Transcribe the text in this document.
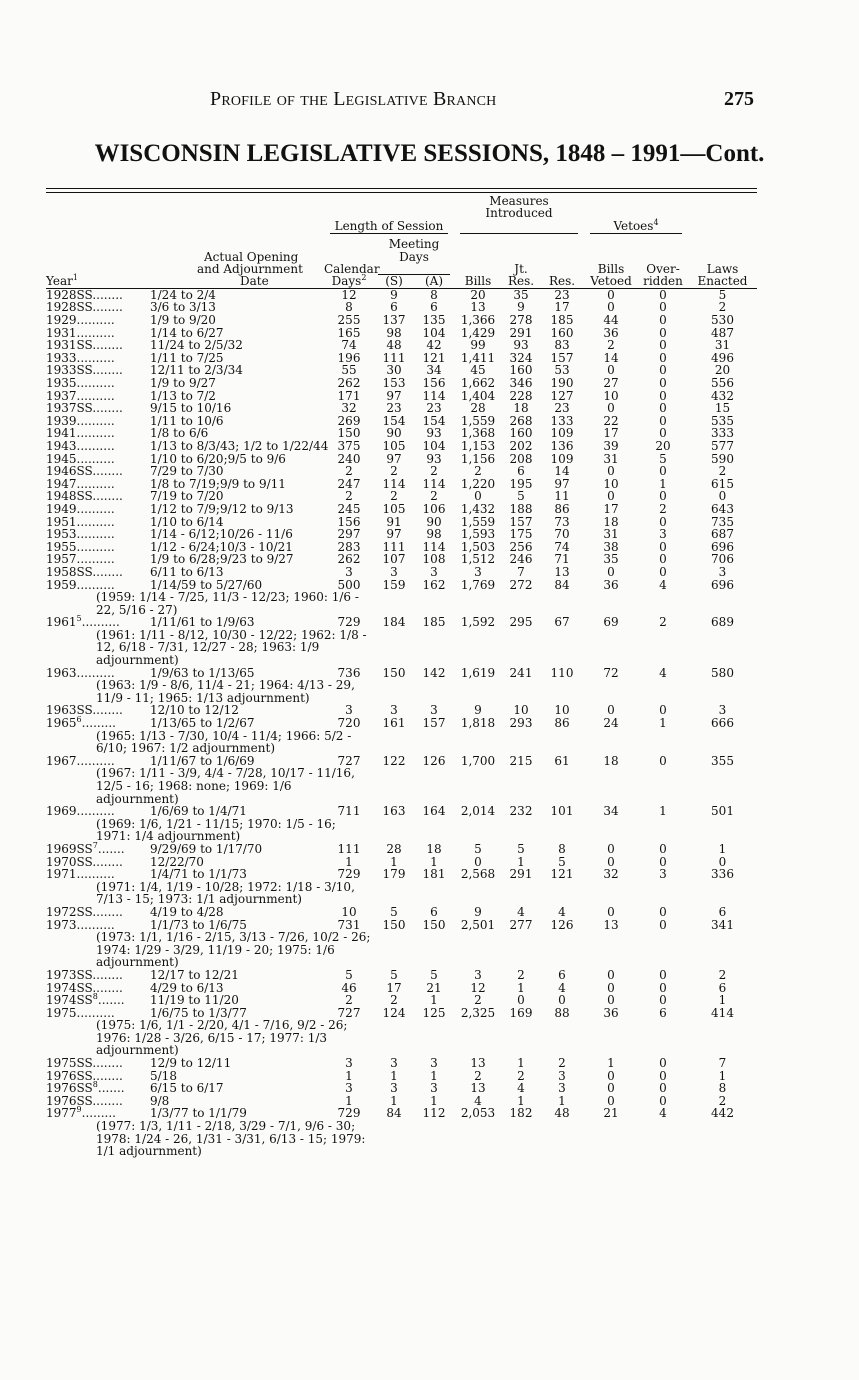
Profile of the Legislative Branch	275
WISCONSIN LEGISLATIVE SESSIONS, 1848 – 1991—Cont.
					Measures Introduced					

		Length of Session						Vetoes$^4$

	Actual Opening		Meeting Days							
	and Adjournment	Calendar				Jt.		Bills	Over-	Laws
Year$^1$	Date	Days$^2$	(S)	(A)	Bills	Res.	Res.	Vetoed	ridden	Enacted
1928SS........	1/24 to 2/4	12	9	8	20	35	23	0	0	5
1928SS........	3/6 to 3/13	8	6	6	13	9	17	0	0	2
1929..........	1/9 to 9/20	255	137	135	1,366	278	185	44	0	530
1931..........	1/14 to 6/27	165	98	104	1,429	291	160	36	0	487
1931SS........	11/24 to 2/5/32	74	48	42	99	93	83	2	0	31
1933..........	1/11 to 7/25	196	111	121	1,411	324	157	14	0	496
1933SS........	12/11 to 2/3/34	55	30	34	45	160	53	0	0	20
1935..........	1/9 to 9/27	262	153	156	1,662	346	190	27	0	556
1937..........	1/13 to 7/2	171	97	114	1,404	228	127	10	0	432
1937SS........	9/15 to 10/16	32	23	23	28	18	23	0	0	15
1939..........	1/11 to 10/6	269	154	154	1,559	268	133	22	0	535
1941..........	1/8 to 6/6	150	90	93	1,368	160	109	17	0	333
1943..........	1/13 to 8/3/43; 1/2 to 1/22/44	375	105	104	1,153	202	136	39	20	577
1945..........	1/10 to 6/20;9/5 to 9/6	240	97	93	1,156	208	109	31	5	590
1946SS........	7/29 to 7/30	2	2	2	2	6	14	0	0	2
1947..........	1/8 to 7/19;9/9 to 9/11	247	114	114	1,220	195	97	10	1	615
1948SS........	7/19 to 7/20	2	2	2	0	5	11	0	0	0
1949..........	1/12 to 7/9;9/12 to 9/13	245	105	106	1,432	188	86	17	2	643
1951..........	1/10 to 6/14	156	91	90	1,559	157	73	18	0	735
1953..........	1/14 - 6/12;10/26 - 11/6	297	97	98	1,593	175	70	31	3	687
1955..........	1/12 - 6/24;10/3 - 10/21	283	111	114	1,503	256	74	38	0	696
1957..........	1/9 to 6/28;9/23 to 9/27	262	107	108	1,512	246	71	35	0	706
1958SS........	6/11 to 6/13	3	3	3	3	7	13	0	0	3
1959..........	1/14/59 to 5/27/60	500	159	162	1,769	272	84	36	4	696
(1959: 1/14 - 7/25, 11/3 - 12/23; 1960: 1/6 - 22, 5/16 - 27)										
1961$^5$..........	1/11/61 to 1/9/63	729	184	185	1,592	295	67	69	2	689
(1961: 1/11 - 8/12, 10/30 - 12/22; 1962: 1/8 - 12, 6/18 - 7/31, 12/27 - 28; 1963: 1/9 adjournment)										
1963..........	1/9/63 to 1/13/65	736	150	142	1,619	241	110	72	4	580
(1963: 1/9 - 8/6, 11/4 - 21; 1964: 4/13 - 29, 11/9 - 11; 1965: 1/13 adjournment)										
1963SS........	12/10 to 12/12	3	3	3	9	10	10	0	0	3
1965$^6$.........	1/13/65 to 1/2/67	720	161	157	1,818	293	86	24	1	666
(1965: 1/13 - 7/30, 10/4 - 11/4; 1966: 5/2 - 6/10; 1967: 1/2 adjournment)										
1967..........	1/11/67 to 1/6/69	727	122	126	1,700	215	61	18	0	355
(1967: 1/11 - 3/9, 4/4 - 7/28, 10/17 - 11/16, 12/5 - 16; 1968: none; 1969: 1/6 adjournment)										
1969..........	1/6/69 to 1/4/71	711	163	164	2,014	232	101	34	1	501
(1969: 1/6, 1/21 - 11/15; 1970: 1/5 - 16; 1971: 1/4 adjournment)										
$1969SS^7$.......	9/29/69 to 1/17/70	111	28	18	5	5	8	0	0	1
1970SS........	12/22/70	1	1	1	0	1	5	0	0	0
1971..........	1/4/71 to 1/1/73	729	179	181	2,568	291	121	32	3	336
(1971: 1/4, 1/19 - 10/28; 1972: 1/18 - 3/10, 7/13 - 15; 1973: 1/1 adjournment)										
1972SS........	4/19 to 4/28	10	5	6	9	4	4	0	0	6
1973..........	1/1/73 to 1/6/75	731	150	150	2,501	277	126	13	0	341
(1973: 1/1, 1/16 - 2/15, 3/13 - 7/26, 10/2 - 26; 1974: 1/29 - 3/29, 11/19 - 20; 1975: 1/6 adjournment)										
1973SS........	12/17 to 12/21	5	5	5	3	2	6	0	0	2
1974SS........	4/29 to 6/13	46	17	21	12	1	4	0	0	6
$1974SS^8$.......	11/19 to 11/20	2	2	1	2	0	0	0	0	1
1975..........	1/6/75 to 1/3/77	727	124	125	2,325	169	88	36	6	414
(1975: 1/6, 1/1 - 2/20, 4/1 - 7/16, 9/2 - 26; 1976: 1/28 - 3/26, 6/15 - 17; 1977: 1/3 adjournment)										
1975SS........	12/9 to 12/11	3	3	3	13	1	2	1	0	7
1976SS........	5/18	1	1	1	2	2	3	0	0	1
$1976SS^8$.......	6/15 to 6/17	3	3	3	13	4	3	0	0	8
1976SS........	9/8	1	1	1	4	1	1	0	0	2
1977$^9$.........	1/3/77 to 1/1/79	729	84	112	2,053	182	48	21	4	442
(1977: 1/3, 1/11 - 2/18, 3/29 - 7/1, 9/6 - 30; 1978: 1/24 - 26, 1/31 - 3/31, 6/13 - 15; 1979: 1/1 adjournment)										
